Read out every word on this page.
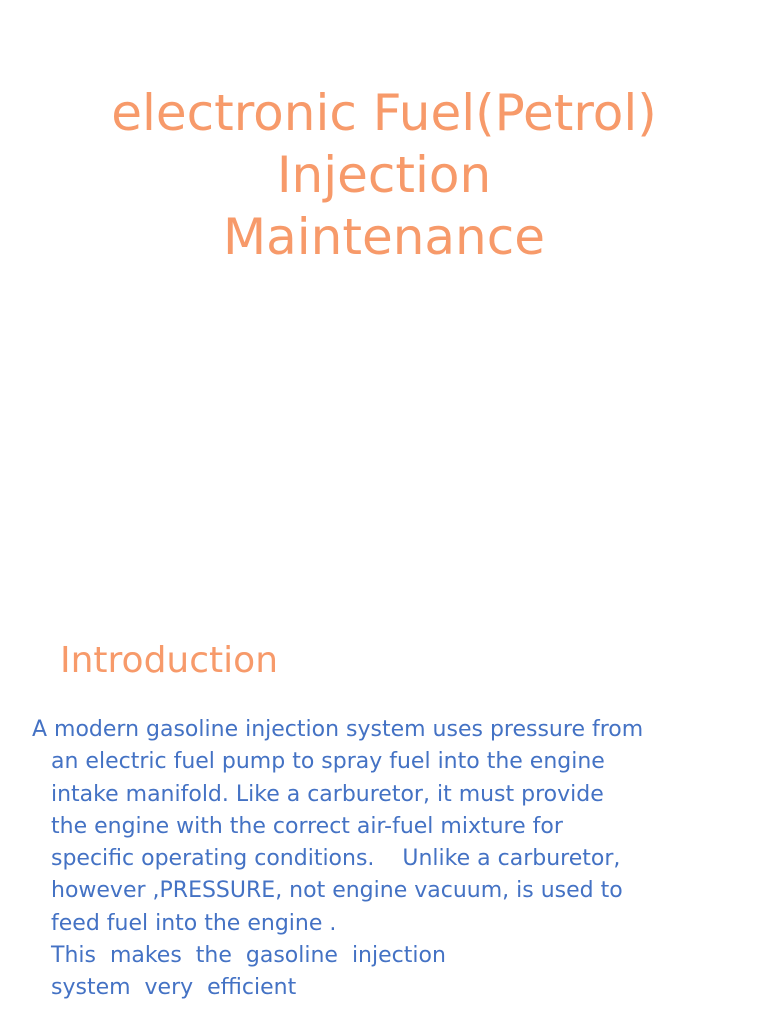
electronic Fuel(Petrol)
Injection
Maintenance
Introduction
A modern gasoline injection system uses pressure from
an electric fuel pump to spray fuel into the engine
intake manifold. Like a carburetor, it must provide
the engine with the correct air-fuel mixture for
specific operating conditions.    Unlike a carburetor,
however ,PRESSURE, not engine vacuum, is used to
feed fuel into the engine .
This  makes  the  gasoline  injection
system  very  efficient
